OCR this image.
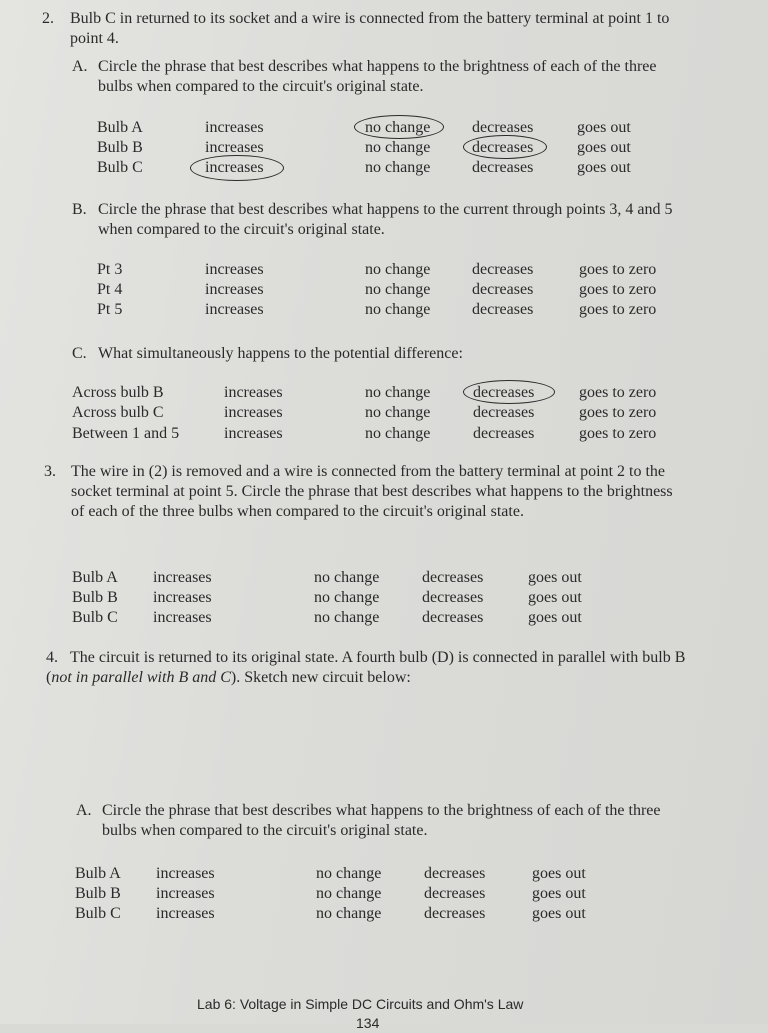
2. Bulb C in returned to its socket and a wire is connected from the battery terminal at point 1 to point 4.
A. Circle the phrase that best describes what happens to the brightness of each of the three bulbs when compared to the circuit's original state.
Bulb A	increases	no change	decreases	goes out
Bulb B	increases	no change	decreases	goes out
Bulb C	increases	no change	decreases	goes out
B. Circle the phrase that best describes what happens to the current through points 3, 4 and 5 when compared to the circuit's original state.
Pt 3	increases	no change	decreases	goes to zero
Pt 4	increases	no change	decreases	goes to zero
Pt 5	increases	no change	decreases	goes to zero
C. What simultaneously happens to the potential difference:
Across bulb B	increases	no change	decreases	goes to zero
Across bulb C	increases	no change	decreases	goes to zero
Between 1 and 5	increases	no change	decreases	goes to zero
3. The wire in (2) is removed and a wire is connected from the battery terminal at point 2 to the socket terminal at point 5. Circle the phrase that best describes what happens to the brightness of each of the three bulbs when compared to the circuit's original state.
Bulb A increases	no change	decreases	goes out
Bulb B increases	no change	decreases	goes out
Bulb C increases	no change	decreases	goes out
4. The circuit is returned to its original state. A fourth bulb (D) is connected in parallel with bulb B (not in parallel with B and C). Sketch new circuit below:
A. Circle the phrase that best describes what happens to the brightness of each of the three bulbs when compared to the circuit's original state.
Bulb A increases	no change	decreases	goes out
Bulb B increases	no change	decreases	goes out
Bulb C increases	no change	decreases	goes out
Lab 6: Voltage in Simple DC Circuits and Ohm's Law
134
